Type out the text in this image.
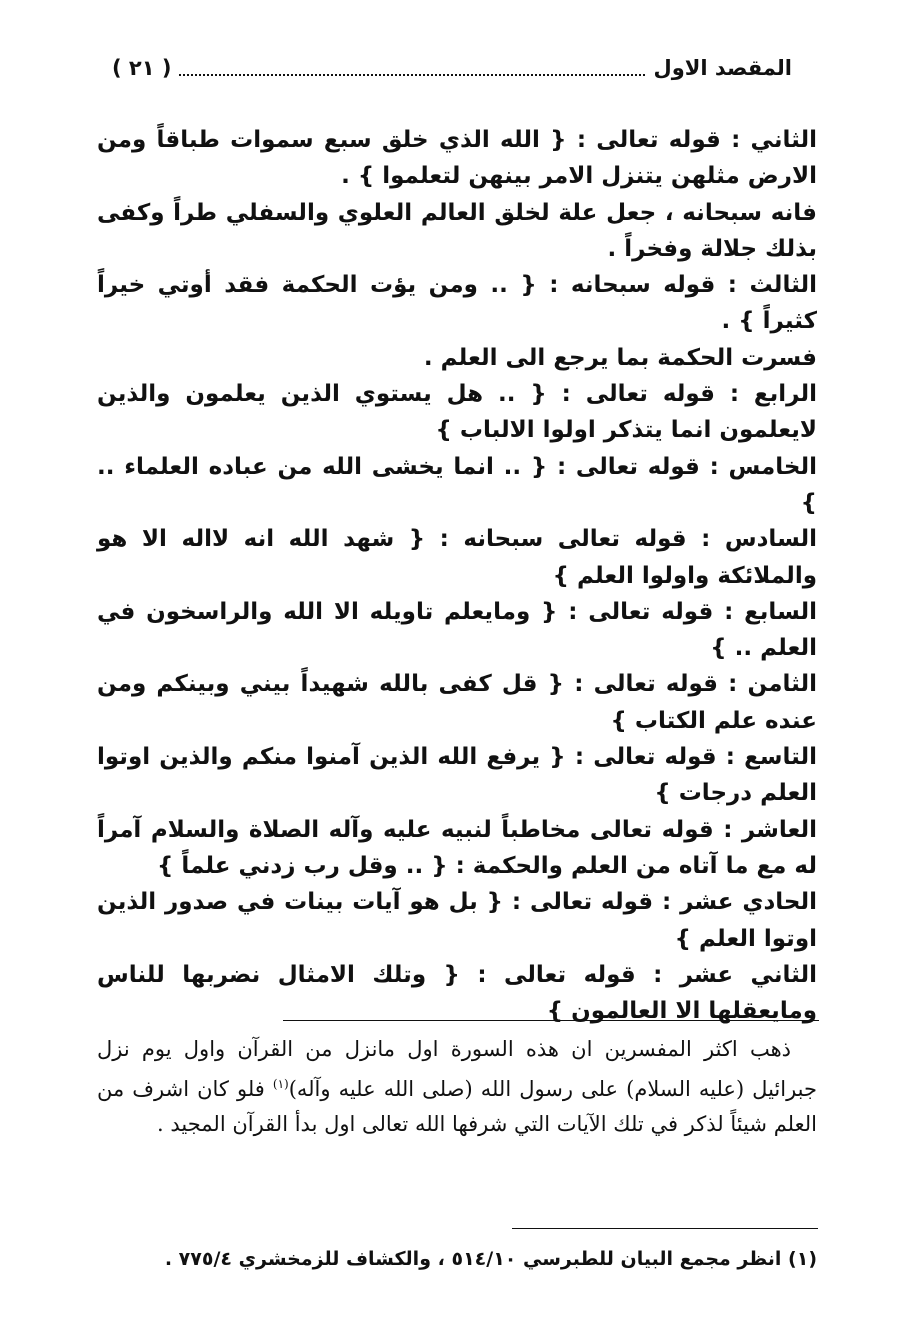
المقصد الاول
( ٢١ )

الثاني : قوله تعالى : { الله الذي خلق سبع سموات طباقاً ومن الارض مثلهن يتنزل الامر بينهن لتعلموا } .

فانه سبحانه ، جعل علة لخلق العالم العلوي والسفلي طراً وكفى بذلك جلالة وفخراً .

الثالث : قوله سبحانه : { .. ومن يؤت الحكمة فقد أوتي خيراً كثيراً } .

فسرت الحكمة بما يرجع الى العلم .

الرابع : قوله تعالى : { .. هل يستوي الذين يعلمون والذين لايعلمون انما يتذكر اولوا الالباب }

الخامس : قوله تعالى : { .. انما يخشى الله من عباده العلماء .. }

السادس : قوله تعالى سبحانه : { شهد الله انه لااله الا هو والملائكة واولوا العلم }

السابع : قوله تعالى : { ومايعلم تاويله الا الله والراسخون في العلم .. }

الثامن : قوله تعالى : { قل كفى بالله شهيداً بيني وبينكم ومن عنده علم الكتاب }

التاسع : قوله تعالى : { يرفع الله الذين آمنوا منكم والذين اوتوا العلم درجات }

العاشر : قوله تعالى مخاطباً لنبيه عليه وآله الصلاة والسلام آمراً له مع ما آتاه من العلم والحكمة : { .. وقل رب زدني علماً }

الحادي عشر : قوله تعالى : { بل هو آيات بينات في صدور الذين اوتوا العلم }

الثاني عشر : قوله تعالى : { وتلك الامثال نضربها للناس ومايعقلها الا العالمون }

ذهب اكثر المفسرين ان هذه السورة اول مانزل من القرآن واول يوم نزل جبرائيل (عليه السلام) على رسول الله (صلى الله عليه وآله)$^{(١)}$ فلو كان اشرف من العلم شيئاً لذكر في تلك الآيات التي شرفها الله تعالى اول بدأ القرآن المجيد .

(١) انظر مجمع البيان للطبرسي ٥١٤/١٠ ، والكشاف للزمخشري ٧٧٥/٤ .
